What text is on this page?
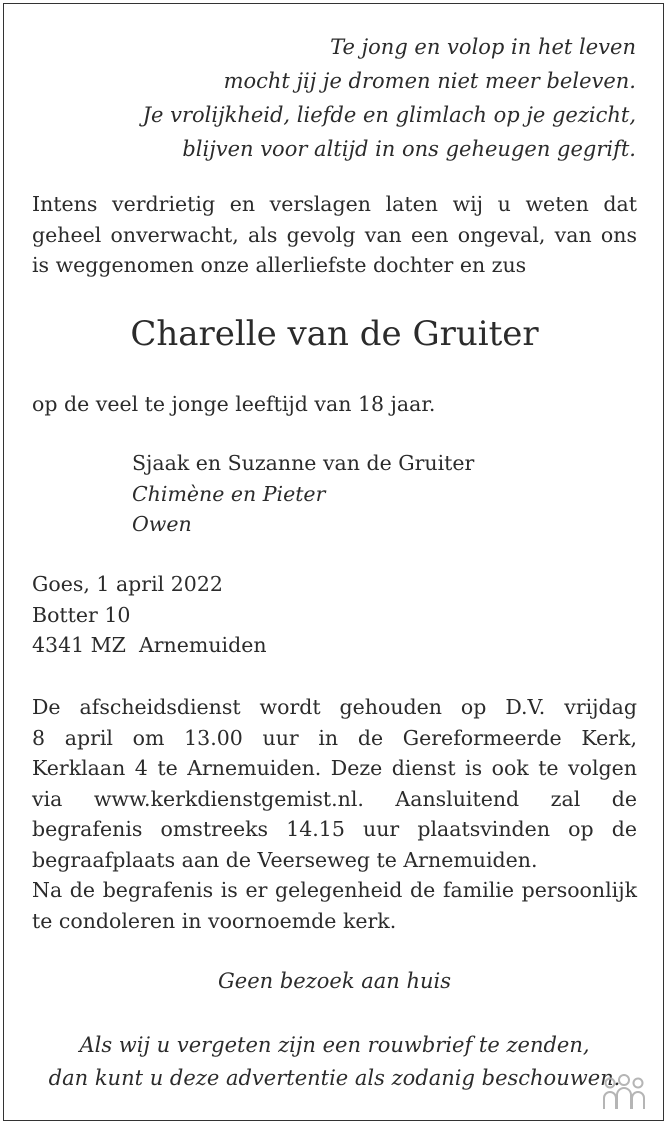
Te jong en volop in het leven
mocht jij je dromen niet meer beleven.
Je vrolijkheid, liefde en glimlach op je gezicht,
blijven voor altijd in ons geheugen gegrift.
Intens verdrietig en verslagen laten wij u weten dat
geheel onverwacht, als gevolg van een ongeval, van ons
is weggenomen onze allerliefste dochter en zus
Charelle van de Gruiter
op de veel te jonge leeftijd van 18 jaar.
Sjaak en Suzanne van de Gruiter
Chimène en Pieter
Owen
Goes, 1 april 2022
Botter 10
4341 MZ  Arnemuiden
De afscheidsdienst wordt gehouden op D.V. vrijdag
8 april om 13.00 uur in de Gereformeerde Kerk,
Kerklaan 4 te Arnemuiden. Deze dienst is ook te volgen
via www.kerkdienstgemist.nl. Aansluitend zal de
begrafenis omstreeks 14.15 uur plaatsvinden op de
begraafplaats aan de Veerseweg te Arnemuiden.
Na de begrafenis is er gelegenheid de familie persoonlijk
te condoleren in voornoemde kerk.
Geen bezoek aan huis
Als wij u vergeten zijn een rouwbrief te zenden,
dan kunt u deze advertentie als zodanig beschouwen.
